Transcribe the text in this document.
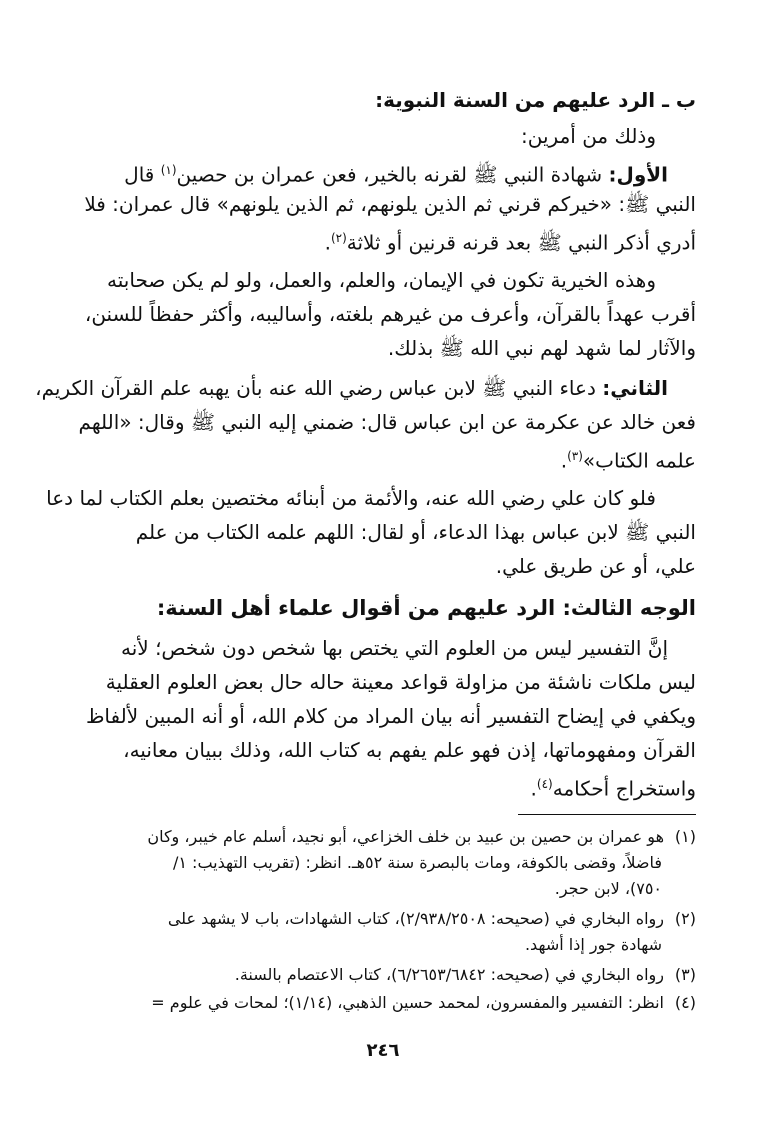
ب ـ الرد عليهم من السنة النبوية:
وذلك من أمرين:
الأول: شهادة النبي ﷺ لقرنه بالخير، فعن عمران بن حصين$^{(١)}$ قال
النبي ﷺ: «خيركم قرني ثم الذين يلونهم، ثم الذين يلونهم» قال عمران: فلا
أدري أذكر النبي ﷺ بعد قرنه قرنين أو ثلاثة$^{(٢)}$.
وهذه الخيرية تكون في الإيمان، والعلم، والعمل، ولو لم يكن صحابته
أقرب عهداً بالقرآن، وأعرف من غيرهم بلغته، وأساليبه، وأكثر حفظاً للسنن،
والآثار لما شهد لهم نبي الله ﷺ بذلك.
الثاني: دعاء النبي ﷺ لابن عباس رضي الله عنه بأن يهبه علم القرآن الكريم،
فعن خالد عن عكرمة عن ابن عباس قال: ضمني إليه النبي ﷺ وقال: «اللهم
علمه الكتاب»$^{(٣)}$.
فلو كان علي رضي الله عنه، والأئمة من أبنائه مختصين بعلم الكتاب لما دعا
النبي ﷺ لابن عباس بهذا الدعاء، أو لقال: اللهم علمه الكتاب من علم
علي، أو عن طريق علي.
الوجه الثالث: الرد عليهم من أقوال علماء أهل السنة:
إنَّ التفسير ليس من العلوم التي يختص بها شخص دون شخص؛ لأنه
ليس ملكات ناشئة من مزاولة قواعد معينة حاله حال بعض العلوم العقلية
ويكفي في إيضاح التفسير أنه بيان المراد من كلام الله، أو أنه المبين لألفاظ
القرآن ومفهوماتها، إذن فهو علم يفهم به كتاب الله، وذلك ببيان معانيه،
واستخراج أحكامه$^{(٤)}$.
(١)هو عمران بن حصين بن عبيد بن خلف الخزاعي، أبو نجيد، أسلم عام خيبر، وكان
فاضلاً، وقضى بالكوفة، ومات بالبصرة سنة ٥٢هـ. انظر: (تقريب التهذيب: ١/
٧٥٠)، لابن حجر.
(٢)رواه البخاري في (صحيحه: ٢/٩٣٨/٢٥٠٨)، كتاب الشهادات، باب لا يشهد على
شهادة جور إذا أشهد.
(٣)رواه البخاري في (صحيحه: ٦/٢٦٥٣/٦٨٤٢)، كتاب الاعتصام بالسنة.
(٤)انظر: التفسير والمفسرون، لمحمد حسين الذهبي، (١/١٤)؛ لمحات في علوم =
٢٤٦
